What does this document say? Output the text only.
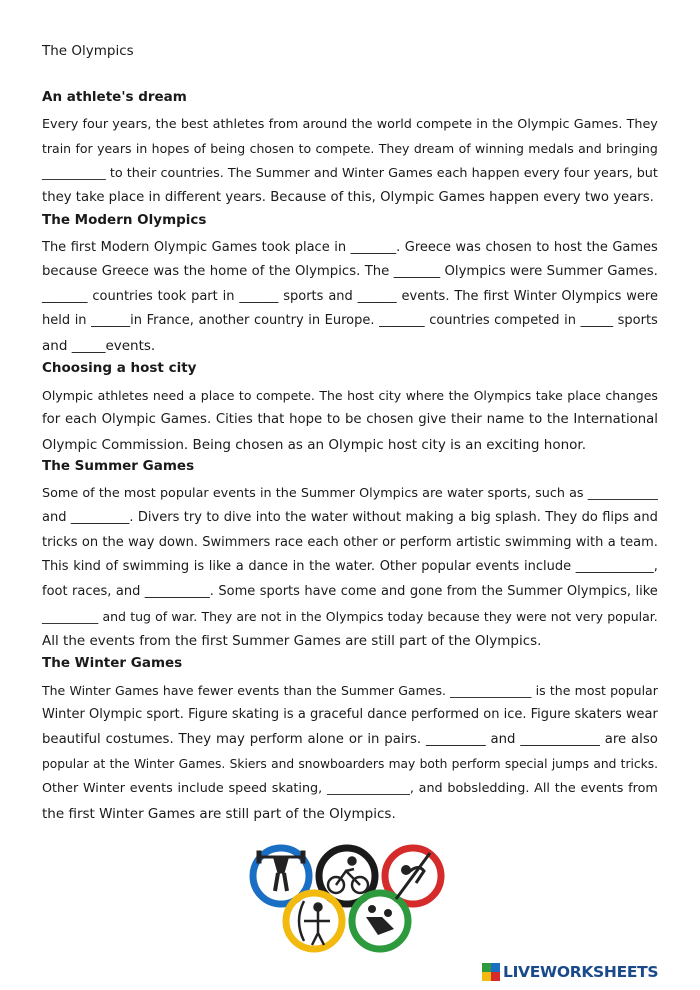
The Olympics
An athlete's dream

Every four years, the best athletes from around the world compete in the Olympic Games. They

train for years in hopes of being chosen to compete. They dream of winning medals and bringing

__________ to their countries. The Summer and Winter Games each happen every four years, but

they take place in different years. Because of this, Olympic Games happen every two years.

The Modern Olympics

The first Modern Olympic Games took place in _______. Greece was chosen to host the Games

because Greece was the home of the Olympics. The _______ Olympics were Summer Games.

_______ countries took part in ______ sports and ______ events. The first Winter Olympics were

held in ______in France, another country in Europe. _______ countries competed in _____ sports

and _____events.

Choosing a host city

Olympic athletes need a place to compete. The host city where the Olympics take place changes

for each Olympic Games. Cities that hope to be chosen give their name to the International

Olympic Commission. Being chosen as an Olympic host city is an exciting honor.

The Summer Games

Some of the most popular events in the Summer Olympics are water sports, such as ___________

and _________. Divers try to dive into the water without making a big splash. They do flips and

tricks on the way down. Swimmers race each other or perform artistic swimming with a team.

This kind of swimming is like a dance in the water. Other popular events include ____________,

foot races, and __________. Some sports have come and gone from the Summer Olympics, like

_________ and tug of war. They are not in the Olympics today because they were not very popular.

All the events from the first Summer Games are still part of the Olympics.

The Winter Games

The Winter Games have fewer events than the Summer Games. _____________ is the most popular

Winter Olympic sport. Figure skating is a graceful dance performed on ice. Figure skaters wear

beautiful costumes. They may perform alone or in pairs. _________ and ____________ are also

popular at the Winter Games. Skiers and snowboarders may both perform special jumps and tricks.

Other Winter events include speed skating, _____________, and bobsledding. All the events from

the first Winter Games are still part of the Olympics.

LIVEWORKSHEETS
